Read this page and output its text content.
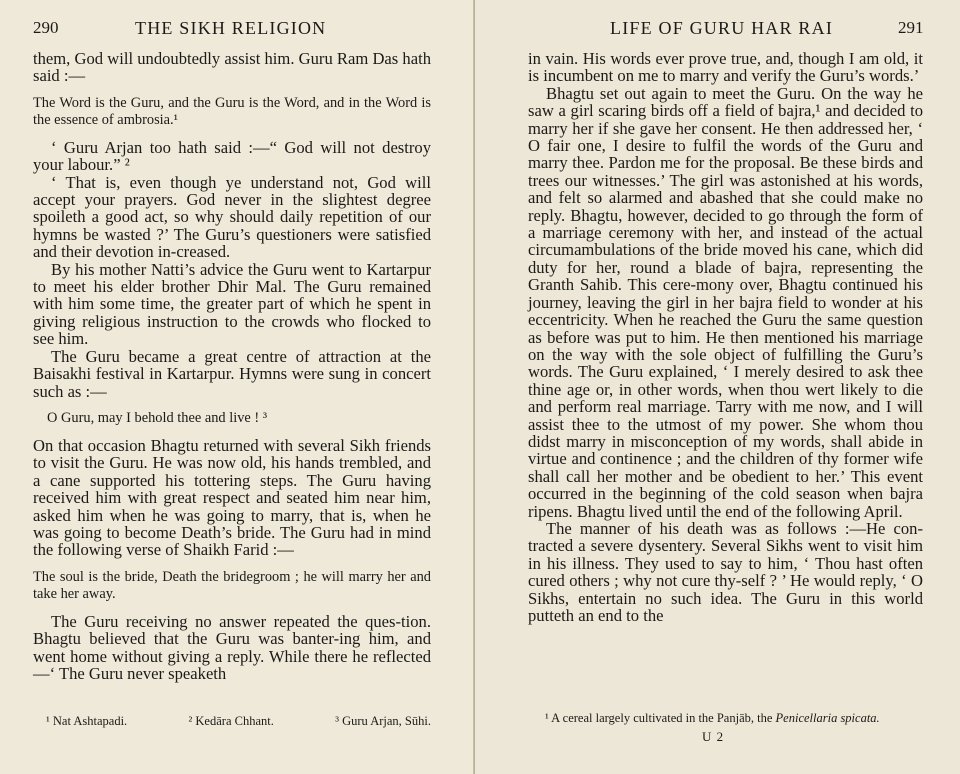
290	THE SIKH RELIGION

them, God will undoubtedly assist him. Guru Ram Das hath said :—

The Word is the Guru, and the Guru is the Word, and in the Word is the essence of ambrosia.¹

‘ Guru Arjan too hath said :—“ God will not destroy your labour.” ²

‘ That is, even though ye understand not, God will accept your prayers. God never in the slightest degree spoileth a good act, so why should daily repetition of our hymns be wasted ?’ The Guru’s questioners were satisfied and their devotion in-creased.

By his mother Natti’s advice the Guru went to Kartarpur to meet his elder brother Dhir Mal. The Guru remained with him some time, the greater part of which he spent in giving religious instruction to the crowds who flocked to see him.

The Guru became a great centre of attraction at the Baisakhi festival in Kartarpur. Hymns were sung in concert such as :—

O Guru, may I behold thee and live ! ³

On that occasion Bhagtu returned with several Sikh friends to visit the Guru. He was now old, his hands trembled, and a cane supported his tottering steps. The Guru having received him with great respect and seated him near him, asked him when he was going to marry, that is, when he was going to become Death’s bride. The Guru had in mind the following verse of Shaikh Farid :—

The soul is the bride, Death the bridegroom ; he will marry her and take her away.

The Guru receiving no answer repeated the ques-tion. Bhagtu believed that the Guru was banter-ing him, and went home without giving a reply. While there he reflected—‘ The Guru never speaketh

¹ Nat Ashtapadi.	² Kedāra Chhant.	³ Guru Arjan, Sūhi.
LIFE OF GURU HAR RAI	291

in vain. His words ever prove true, and, though I am old, it is incumbent on me to marry and verify the Guru’s words.’

Bhagtu set out again to meet the Guru. On the way he saw a girl scaring birds off a field of bajra,¹ and decided to marry her if she gave her consent. He then addressed her, ‘ O fair one, I desire to fulfil the words of the Guru and marry thee. Pardon me for the proposal. Be these birds and trees our witnesses.’ The girl was astonished at his words, and felt so alarmed and abashed that she could make no reply. Bhagtu, however, decided to go through the form of a marriage ceremony with her, and instead of the actual circumambulations of the bride moved his cane, which did duty for her, round a blade of bajra, representing the Granth Sahib. This cere-mony over, Bhagtu continued his journey, leaving the girl in her bajra field to wonder at his eccentricity. When he reached the Guru the same question as before was put to him. He then mentioned his marriage on the way with the sole object of fulfilling the Guru’s words. The Guru explained, ‘ I merely desired to ask thee thine age or, in other words, when thou wert likely to die and perform real marriage. Tarry with me now, and I will assist thee to the utmost of my power. She whom thou didst marry in misconception of my words, shall abide in virtue and continence ; and the children of thy former wife shall call her mother and be obedient to her.’ This event occurred in the beginning of the cold season when bajra ripens. Bhagtu lived until the end of the following April.

The manner of his death was as follows :—He con-tracted a severe dysentery. Several Sikhs went to visit him in his illness. They used to say to him, ‘ Thou hast often cured others ; why not cure thy-self ? ’ He would reply, ‘ O Sikhs, entertain no such idea. The Guru in this world putteth an end to the

¹ A cereal largely cultivated in the Panjāb, the Penicellaria spicata.
U 2
